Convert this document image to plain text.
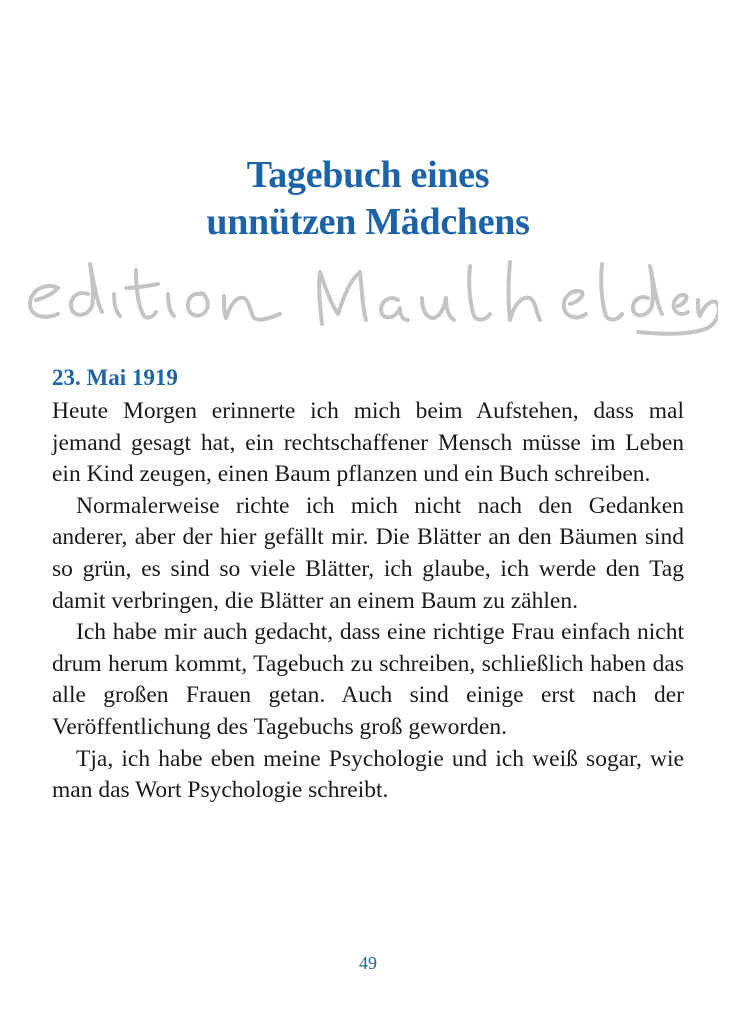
Tagebuch eines
unnützen Mädchens
23. Mai 1919

Heute Morgen erinnerte ich mich beim Aufstehen, dass mal jemand gesagt hat, ein rechtschaffener Mensch müsse im Leben ein Kind zeugen, einen Baum pflanzen und ein Buch schreiben.

Normalerweise richte ich mich nicht nach den Gedanken anderer, aber der hier gefällt mir. Die Blätter an den Bäumen sind so grün, es sind so viele Blätter, ich glaube, ich werde den Tag damit verbringen, die Blätter an einem Baum zu zählen.

Ich habe mir auch gedacht, dass eine richtige Frau einfach nicht drum herum kommt, Tagebuch zu schreiben, schließlich haben das alle großen Frauen getan. Auch sind einige erst nach der Veröffentlichung des Tagebuchs groß geworden.

Tja, ich habe eben meine Psychologie und ich weiß sogar, wie man das Wort Psychologie schreibt.

49
